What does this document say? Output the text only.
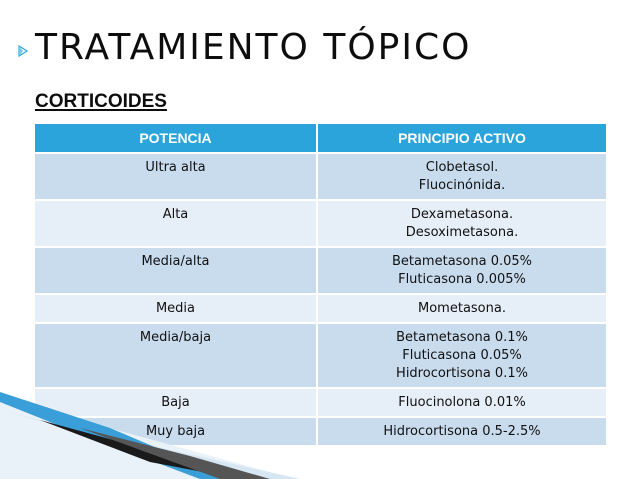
TRATAMIENTO TÓPICO
CORTICOIDES
POTENCIA	PRINCIPIO ACTIVO
Ultra alta	Clobetasol.
Fluocinónida.

Alta	Dexametasona.
Desoximetasona.

Media/alta	Betametasona 0.05%
Fluticasona 0.005%

Media	Mometasona.

Media/baja	Betametasona 0.1%
Fluticasona 0.05%
Hidrocortisona 0.1%

Baja	Fluocinolona 0.01%

Muy baja	Hidrocortisona 0.5-2.5%
